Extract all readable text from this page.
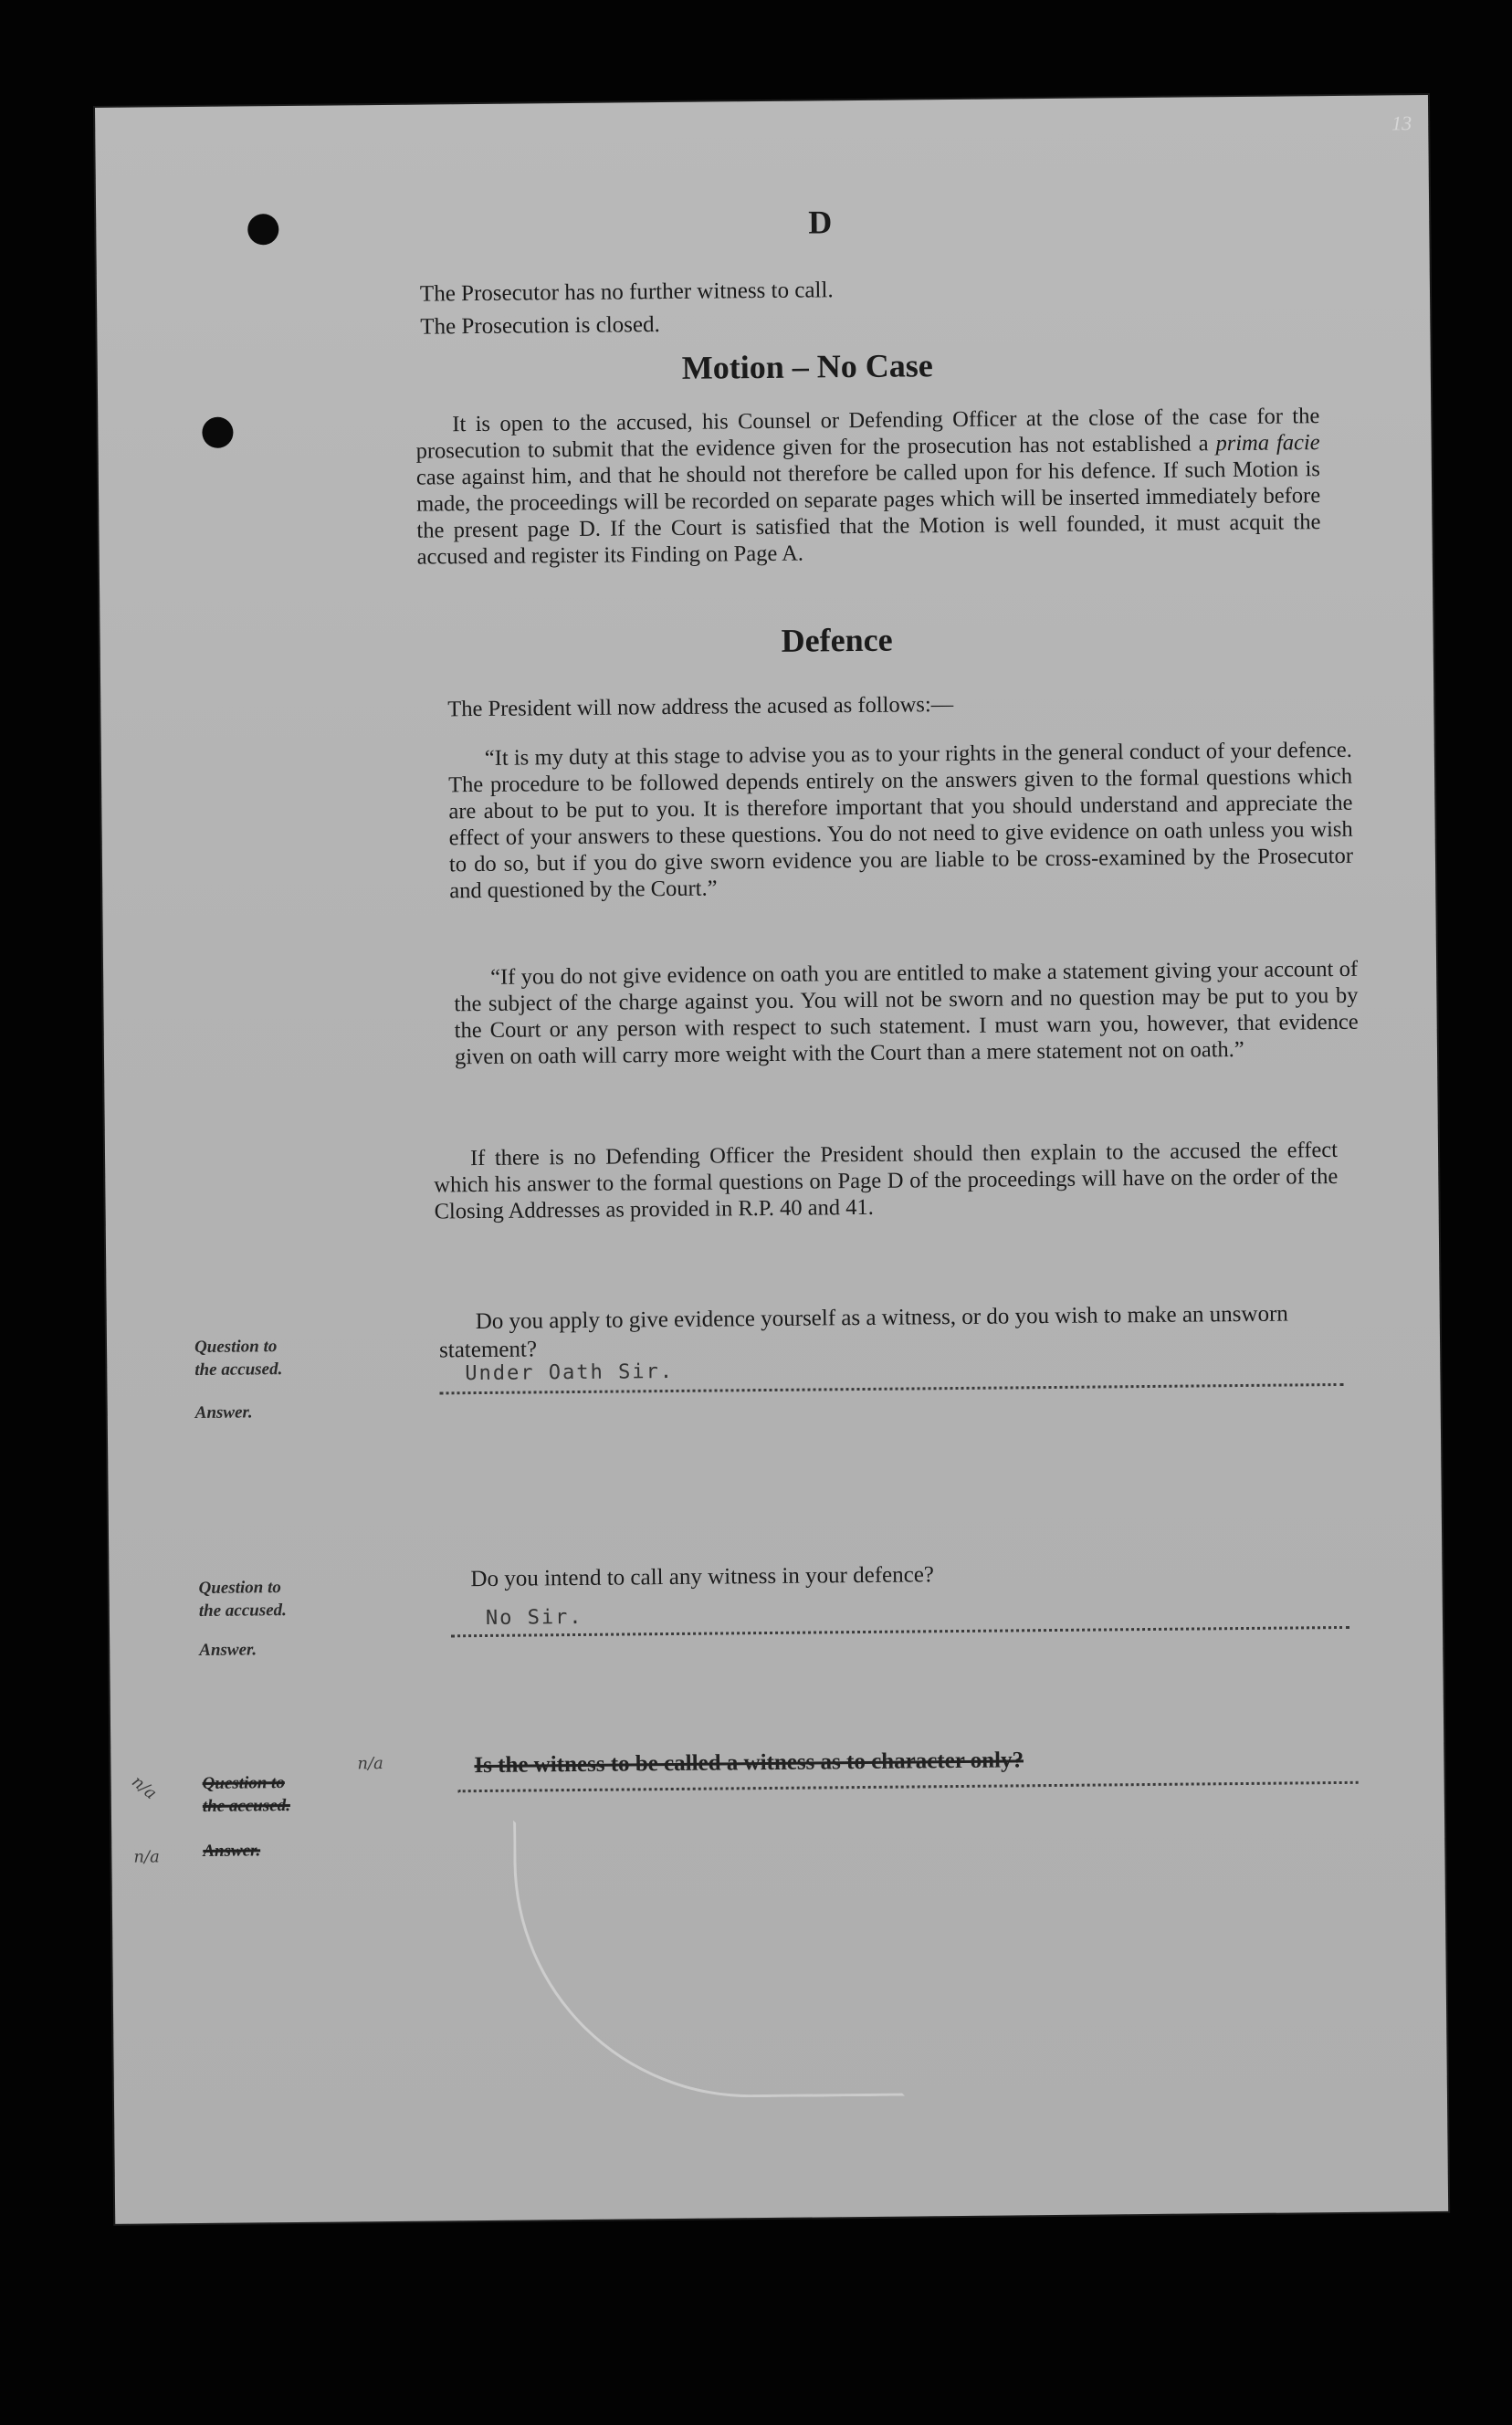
13
D
The Prosecutor has no further witness to call.
The Prosecution is closed.
Motion – No Case
It is open to the accused, his Counsel or Defending Officer at the close of the case for the prosecution to submit that the evidence given for the prosecution has not established a prima facie case against him, and that he should not therefore be called upon for his defence. If such Motion is made, the proceedings will be recorded on separate pages which will be inserted immediately before the present page D. If the Court is satisfied that the Motion is well founded, it must acquit the accused and register its Finding on Page A.
Defence
The President will now address the acused as follows:—
“It is my duty at this stage to advise you as to your rights in the general conduct of your defence. The procedure to be followed depends entirely on the answers given to the formal questions which are about to be put to you. It is therefore important that you should understand and appreciate the effect of your answers to these questions. You do not need to give evidence on oath unless you wish to do so, but if you do give sworn evidence you are liable to be cross-examined by the Prosecutor and questioned by the Court.”
“If you do not give evidence on oath you are entitled to make a statement giving your account of the subject of the charge against you. You will not be sworn and no question may be put to you by the Court or any person with respect to such statement. I must warn you, however, that evidence given on oath will carry more weight with the Court than a mere statement not on oath.”
If there is no Defending Officer the President should then explain to the accused the effect which his answer to the formal questions on Page D of the proceedings will have on the order of the Closing Addresses as provided in R.P. 40 and 41.
Question to
the accused.
Answer.
Do you apply to give evidence yourself as a witness, or do you wish to make an unsworn statement?
Under Oath Sir.
Question to
the accused.
Answer.
Do you intend to call any witness in your defence?
No Sir.
n/a
n/a
n/a
Question to
the accused.
Answer.
Is the witness to be called a witness as to character only?
